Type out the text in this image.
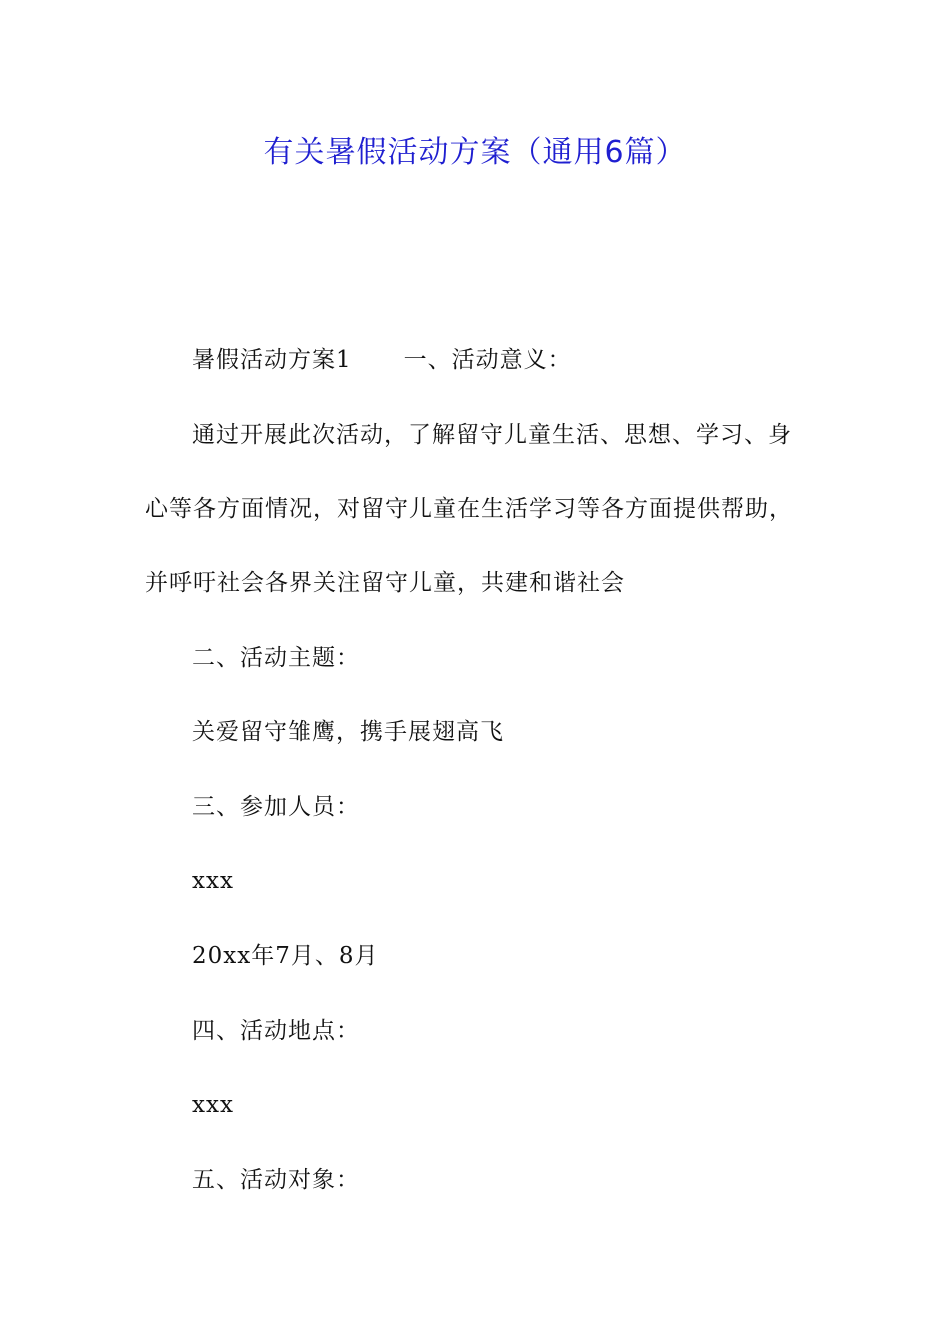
有关暑假活动方案（通用6篇）
暑假活动方案1 一、活动意义：
通过开展此次活动，了解留守儿童生活、思想、学习、身
心等各方面情况，对留守儿童在生活学习等各方面提供帮助，
并呼吁社会各界关注留守儿童，共建和谐社会
二、活动主题：
关爱留守雏鹰，携手展翅高飞
三、参加人员：
xxx
20xx年7月、8月
四、活动地点：
xxx
五、活动对象：
